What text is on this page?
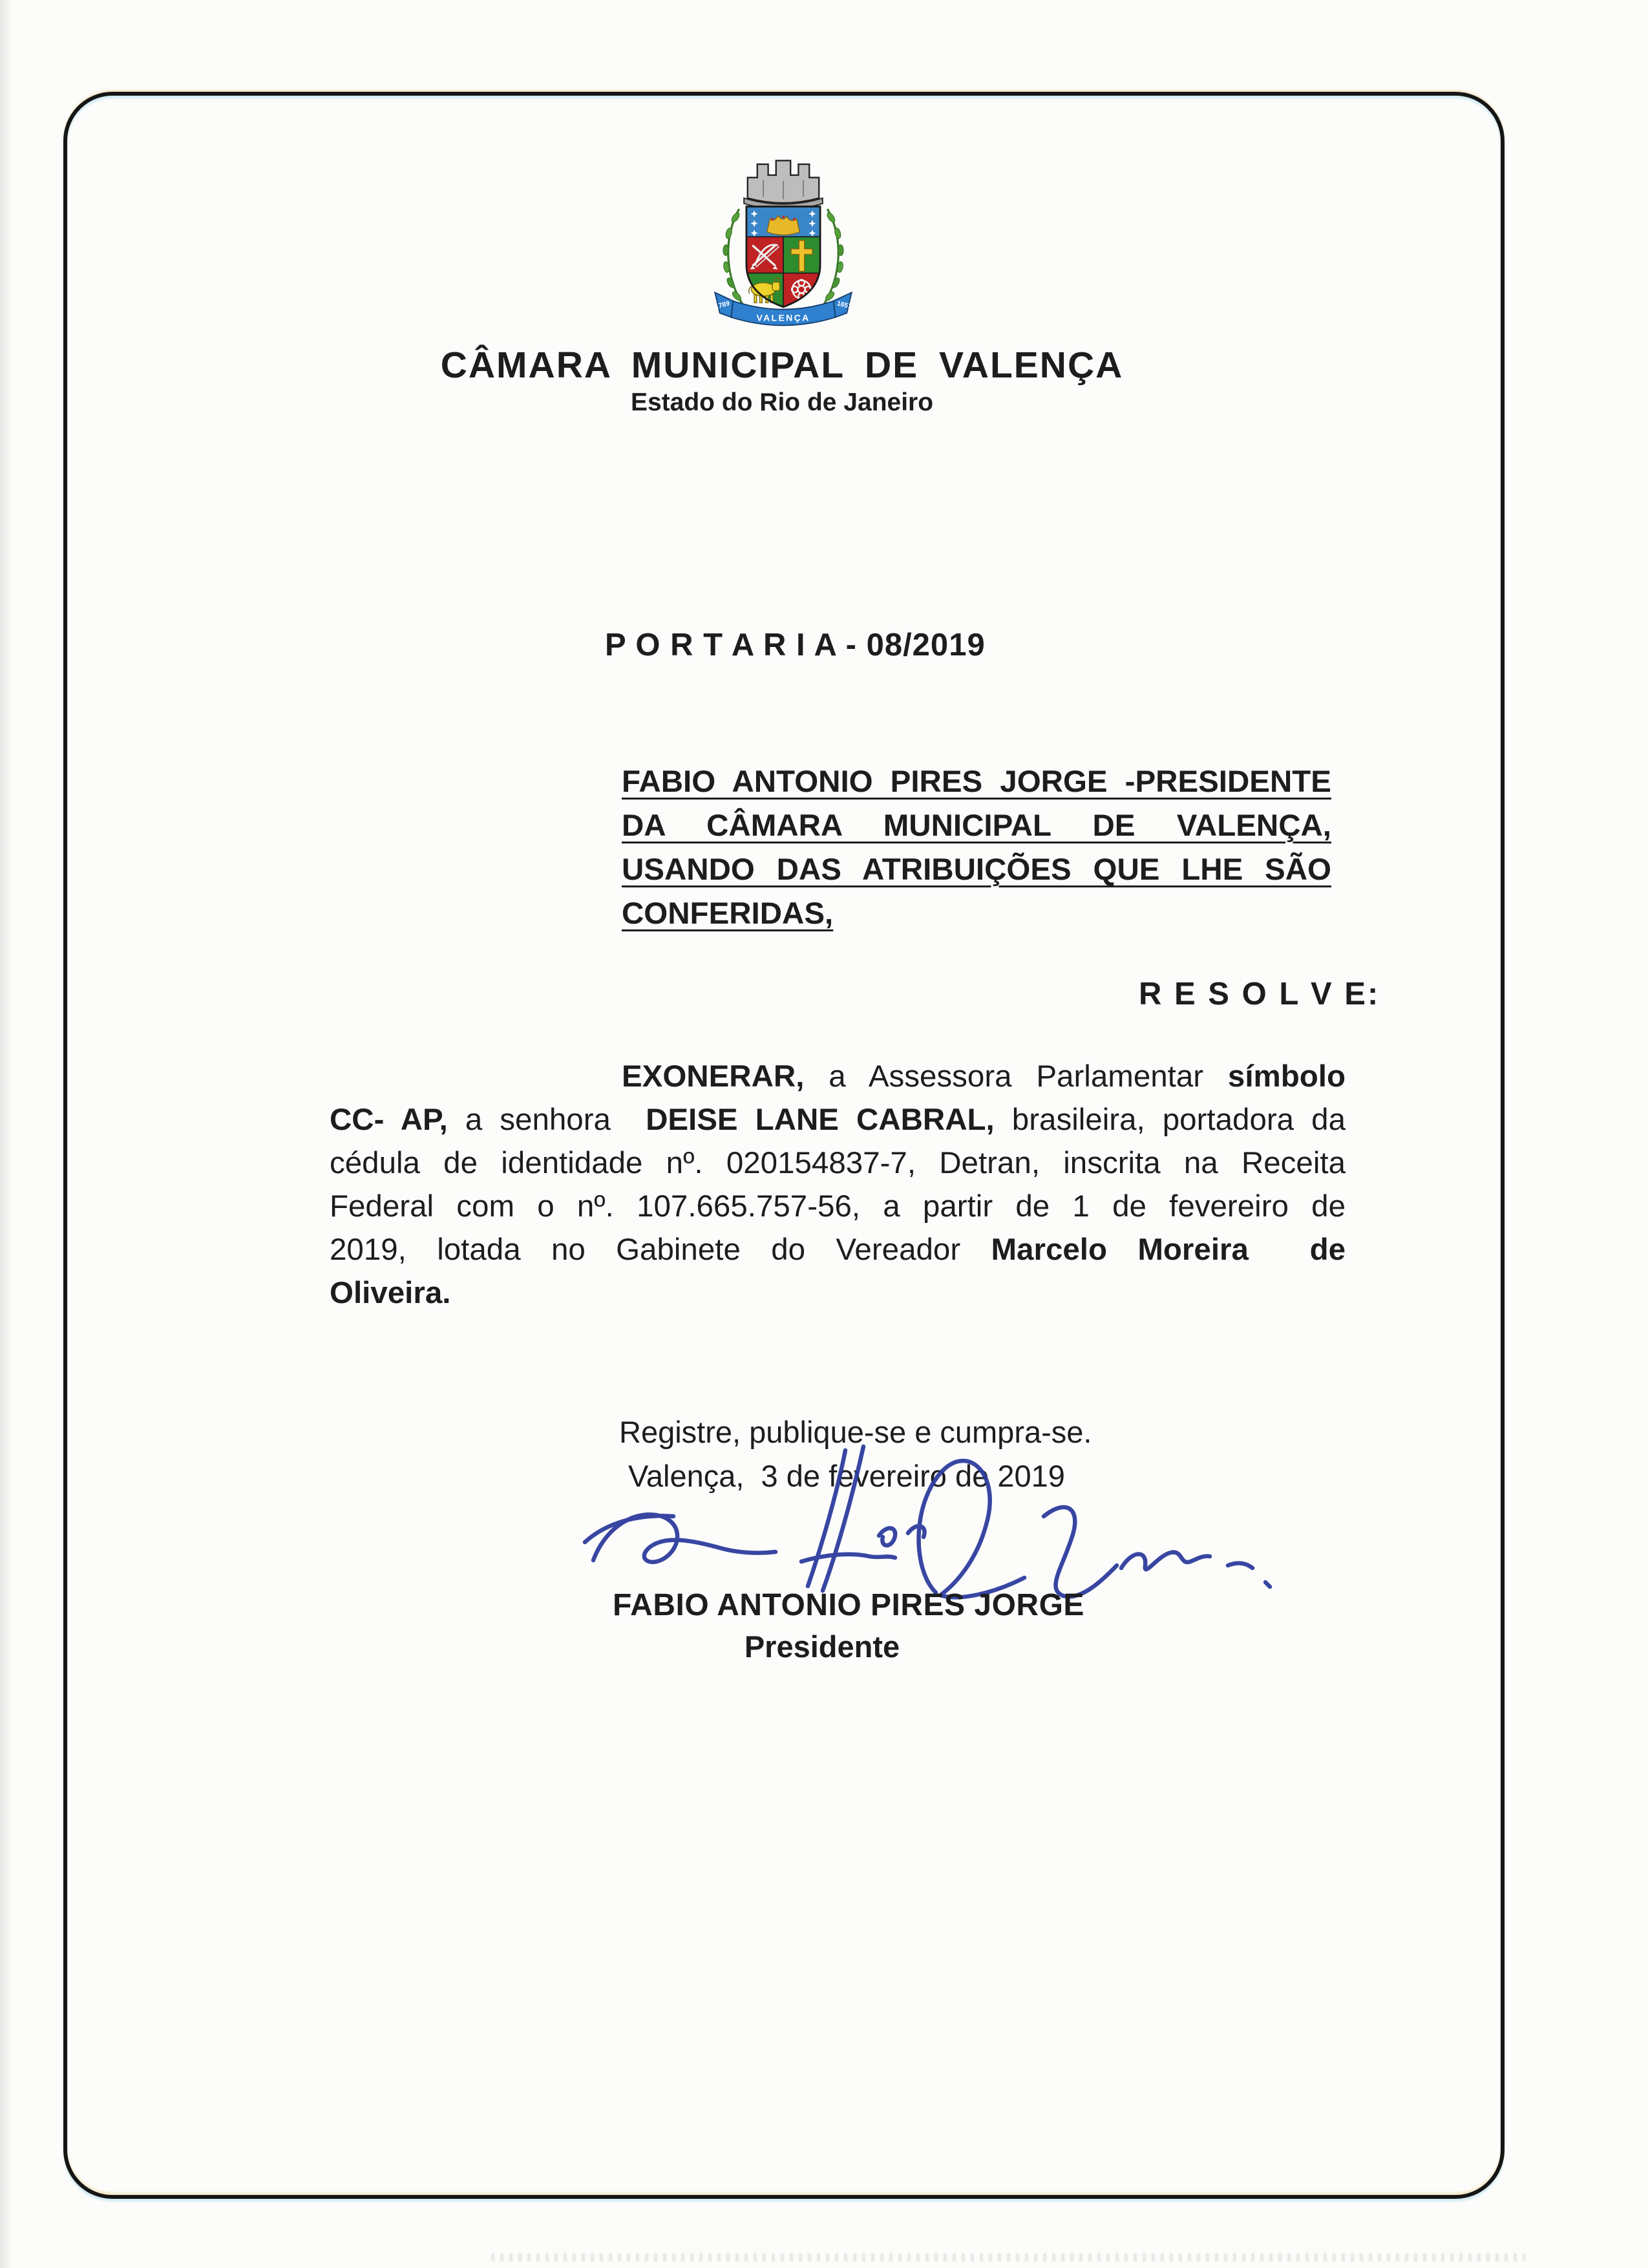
1789
VALENÇA
1857
CÂMARA MUNICIPAL DE VALENÇA
Estado do Rio de Janeiro
P O R T A R I A - 08/2019
FABIO ANTONIO PIRES JORGE -PRESIDENTE
DA CÂMARA MUNICIPAL DE VALENÇA,
USANDO DAS ATRIBUIÇÕES QUE LHE SÃO
CONFERIDAS,
R E S O L V E:
EXONERAR, a Assessora Parlamentar símbolo
CC- AP, a senhora  DEISE LANE CABRAL, brasileira, portadora da
cédula de identidade nº. 020154837-7, Detran, inscrita na Receita
Federal com o nº. 107.665.757-56, a partir de 1 de fevereiro de
2019, lotada no Gabinete do Vereador Marcelo Moreira  de
Oliveira.
Registre, publique-se e cumpra-se.
Valença,  3 de fevereiro de 2019
FABIO ANTONIO PIRES JORGE
Presidente
